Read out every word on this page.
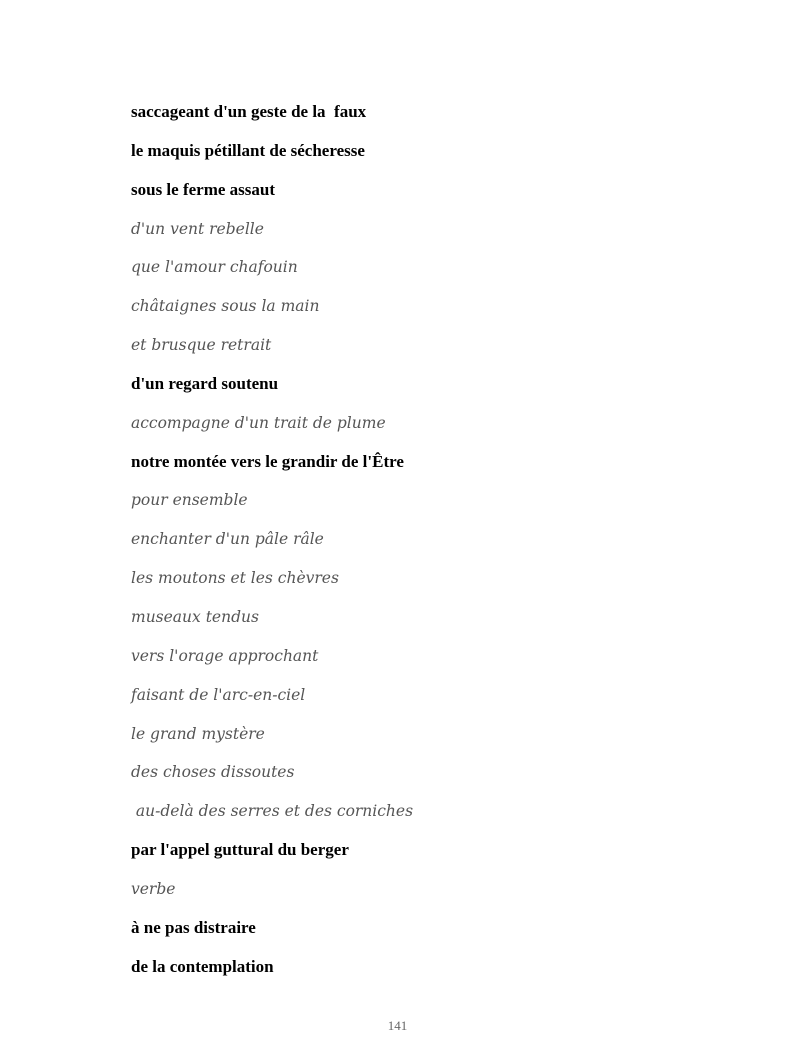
saccageant d'un geste de la  faux
le maquis pétillant de sécheresse
sous le ferme assaut
d'un vent rebelle
que l'amour chafouin
châtaignes sous la main
et brusque retrait
d'un regard soutenu
accompagne d'un trait de plume
notre montée vers le grandir de l'Être
pour ensemble
enchanter d'un pâle râle
les moutons et les chèvres
museaux tendus
vers l'orage approchant
faisant de l'arc-en-ciel
le grand mystère
des choses dissoutes
au-delà des serres et des corniches
par l'appel guttural du berger
verbe
à ne pas distraire
de la contemplation
141
